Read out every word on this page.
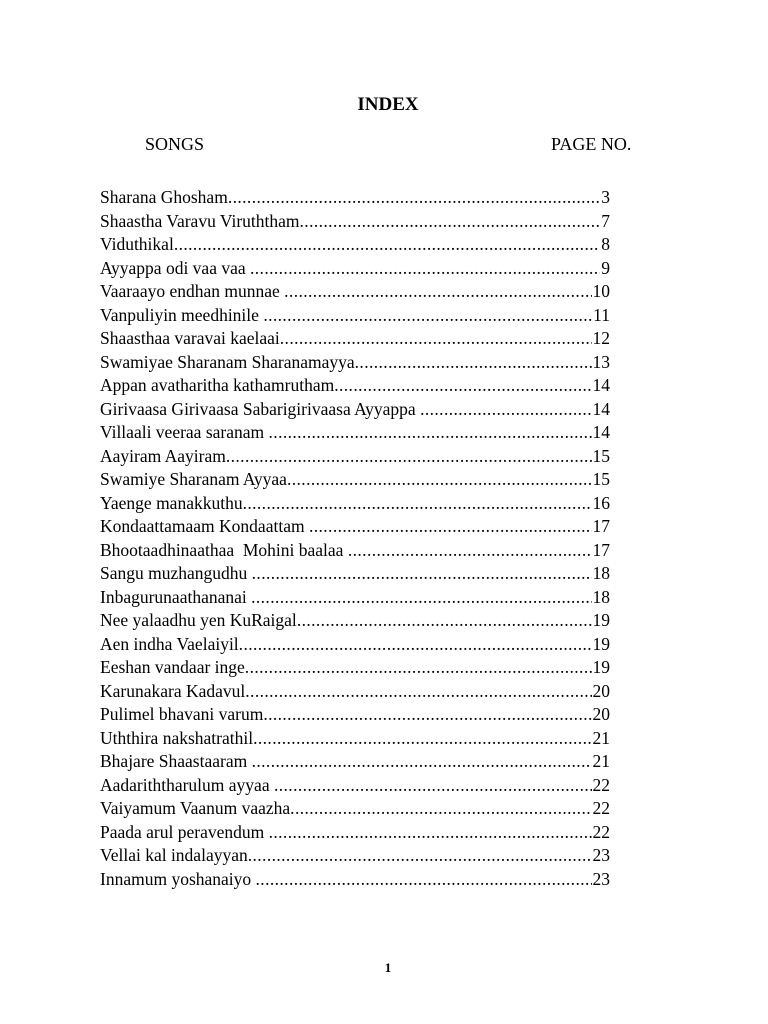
INDEX
SONGS	PAGE NO.
Sharana Ghosham .....	3
Shaastha Varavu Viruththam .....	7
Viduthikal .....	8
Ayyappa odi vaa vaa .....	9
Vaaraayo endhan munnae .....	10
Vanpuliyin meedhinile .....	11
Shaasthaa varavai kaelaai .....	12
Swamiyae Sharanam Sharanamayya .....	13
Appan avatharitha kathamrutham .....	14
Girivaasa Girivaasa Sabarigirivaasa Ayyappa .....	14
Villaali veeraa saranam .....	14
Aayiram Aayiram .....	15
Swamiye Sharanam Ayyaa .....	15
Yaenge manakkuthu .....	16
Kondaattamaam Kondaattam .....	17
Bhootaadhinaathaa  Mohini baalaa .....	17
Sangu muzhangudhu .....	18
Inbagurunaathananai .....	18
Nee yalaadhu yen KuRaigal .....	19
Aen indha Vaelaiyil .....	19
Eeshan vandaar inge .....	19
Karunakara Kadavul .....	20
Pulimel bhavani varum .....	20
Uththira nakshatrathil .....	21
Bhajare Shaastaaram .....	21
Aadariththarulum ayyaa .....	22
Vaiyamum Vaanum vaazha .....	22
Paada arul peravendum .....	22
Vellai kal indalayyan .....	23
Innamum yoshanaiyo .....	23
1
